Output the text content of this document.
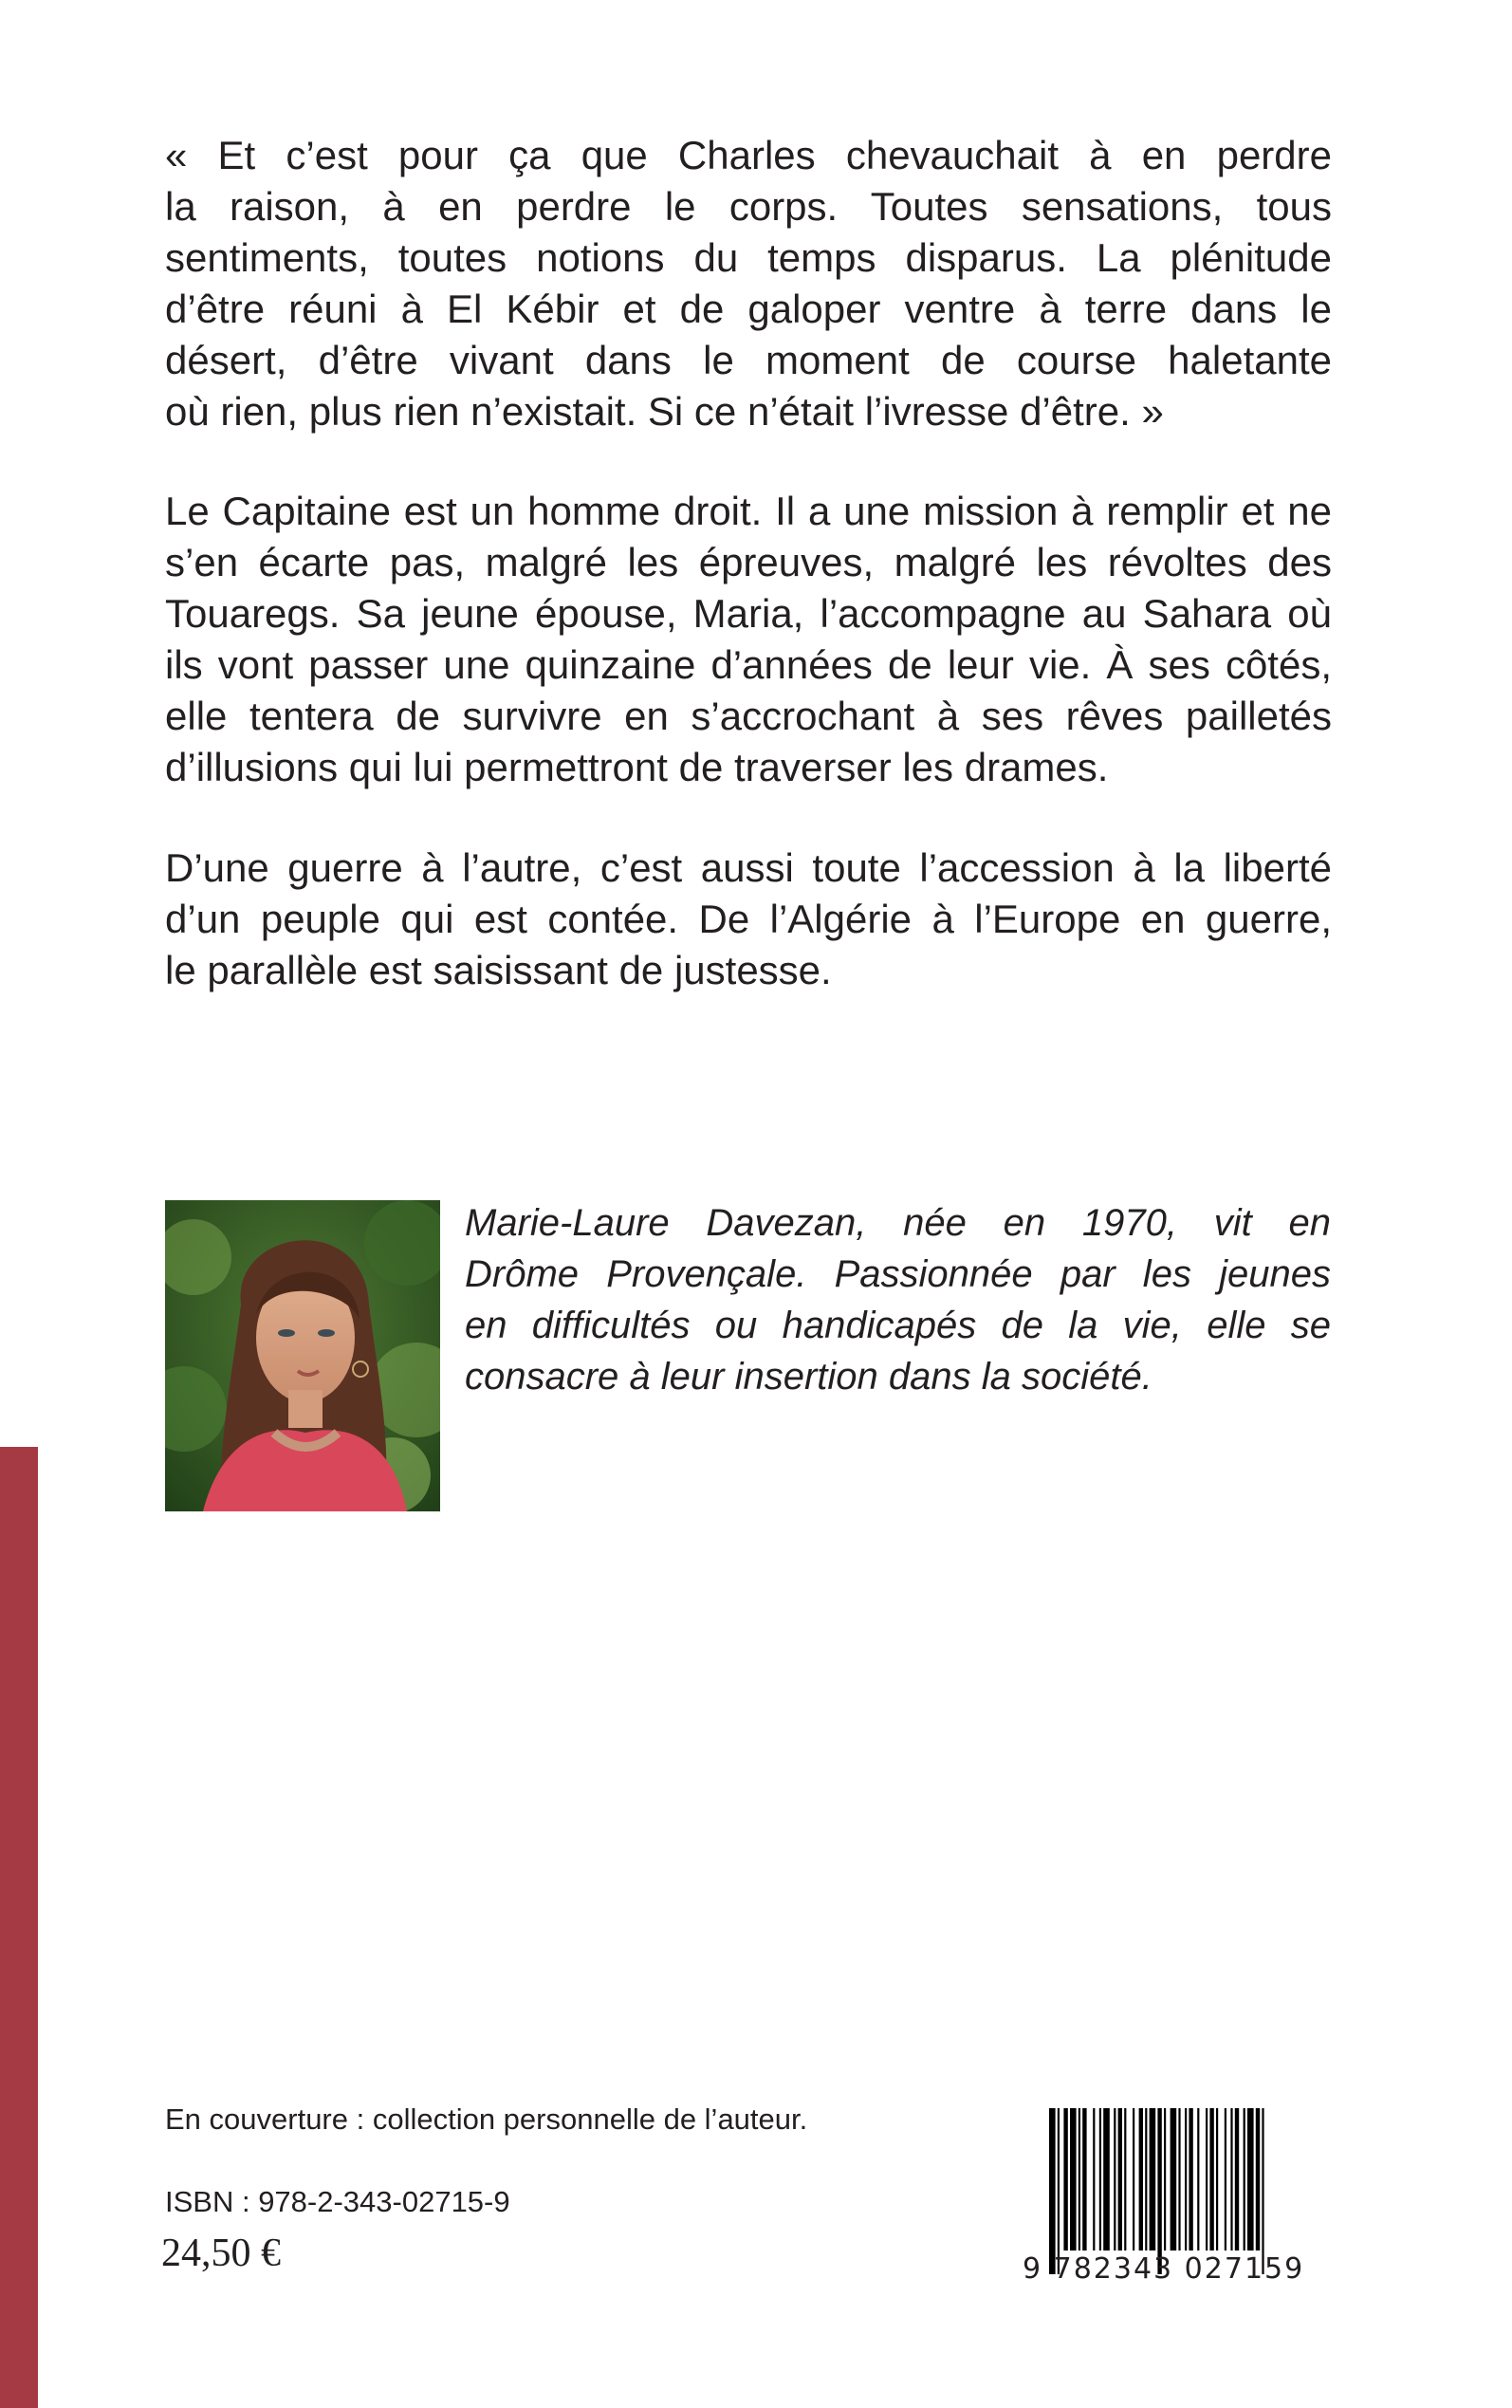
« Et c’est pour ça que Charles chevauchait à en perdre
la raison, à en perdre le corps. Toutes sensations, tous
sentiments, toutes notions du temps disparus. La plénitude
d’être réuni à El Kébir et de galoper ventre à terre dans le
désert, d’être vivant dans le moment de course haletante
où rien, plus rien n’existait. Si ce n’était l’ivresse d’être. »
Le Capitaine est un homme droit. Il a une mission à remplir et ne
s’en écarte pas, malgré les épreuves, malgré les révoltes des
Touaregs. Sa jeune épouse, Maria, l’accompagne au Sahara où
ils vont passer une quinzaine d’années de leur vie. À ses côtés,
elle tentera de survivre en s’accrochant à ses rêves pailletés
d’illusions qui lui permettront de traverser les drames.
D’une guerre à l’autre, c’est aussi toute l’accession à la liberté
d’un peuple qui est contée. De l’Algérie à l’Europe en guerre,
le parallèle est saisissant de justesse.
Marie-Laure Davezan, née en 1970, vit en
Drôme Provençale. Passionnée par les jeunes
en difficultés ou handicapés de la vie, elle se
consacre à leur insertion dans la société.
En couverture : collection personnelle de l’auteur.
ISBN : 978-2-343-02715-9
24,50 €	9 782343 027159
